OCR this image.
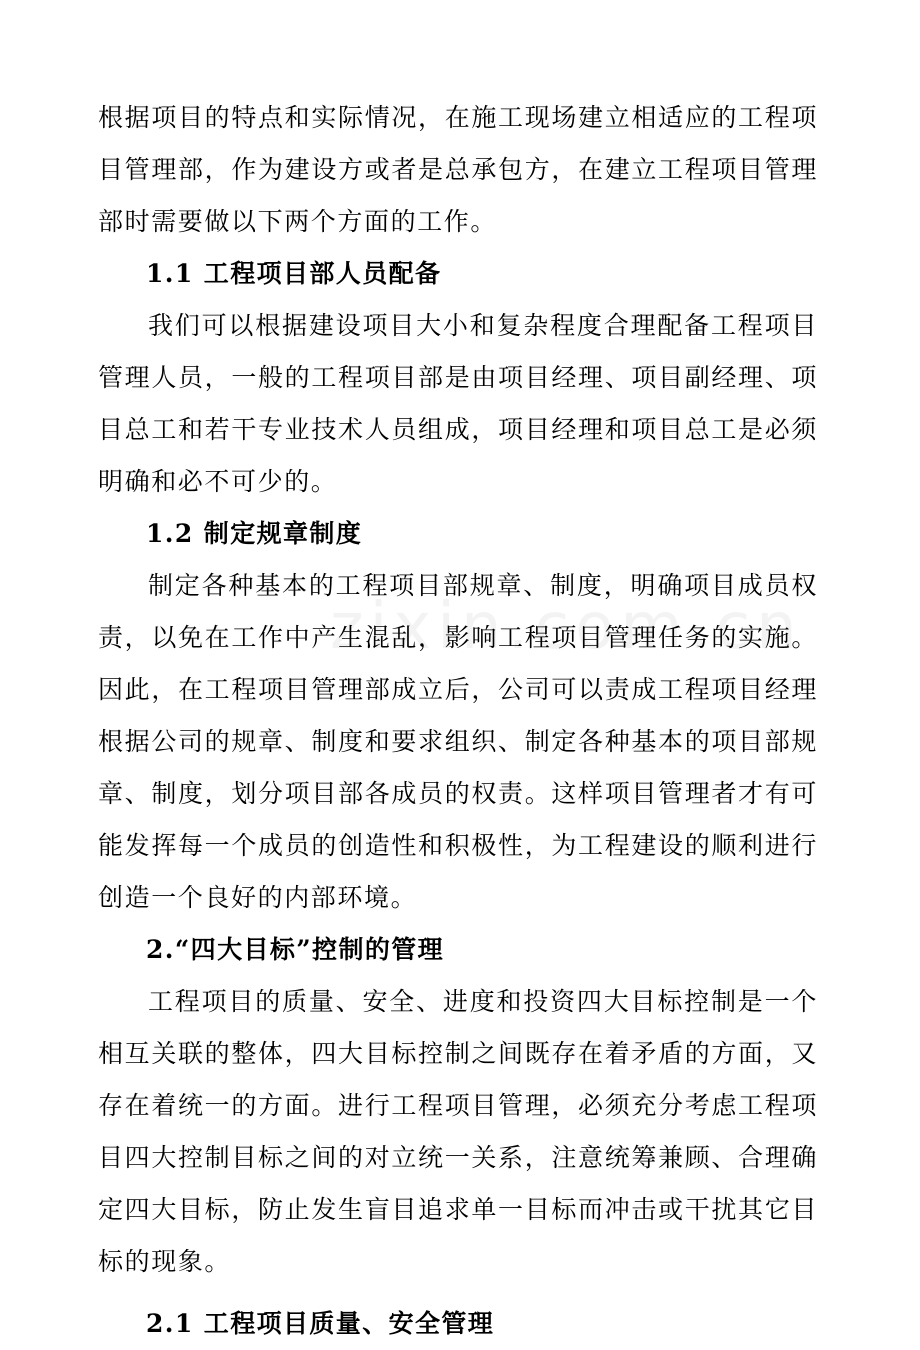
根据项目的特点和实际情况，在施工现场建立相适应的工程项目管理部，作为建设方或者是总承包方，在建立工程项目管理部时需要做以下两个方面的工作。

1.1 工程项目部人员配备

我们可以根据建设项目大小和复杂程度合理配备工程项目管理人员，一般的工程项目部是由项目经理、项目副经理、项目总工和若干专业技术人员组成，项目经理和项目总工是必须明确和必不可少的。

1.2 制定规章制度

制定各种基本的工程项目部规章、制度，明确项目成员权责，以免在工作中产生混乱，影响工程项目管理任务的实施。因此，在工程项目管理部成立后，公司可以责成工程项目经理根据公司的规章、制度和要求组织、制定各种基本的项目部规章、制度，划分项目部各成员的权责。这样项目管理者才有可能发挥每一个成员的创造性和积极性，为工程建设的顺利进行创造一个良好的内部环境。

2.“四大目标”控制的管理

工程项目的质量、安全、进度和投资四大目标控制是一个相互关联的整体，四大目标控制之间既存在着矛盾的方面，又存在着统一的方面。进行工程项目管理，必须充分考虑工程项目四大控制目标之间的对立统一关系，注意统筹兼顾、合理确定四大目标，防止发生盲目追求单一目标而冲击或干扰其它目标的现象。

2.1 工程项目质量、安全管理
